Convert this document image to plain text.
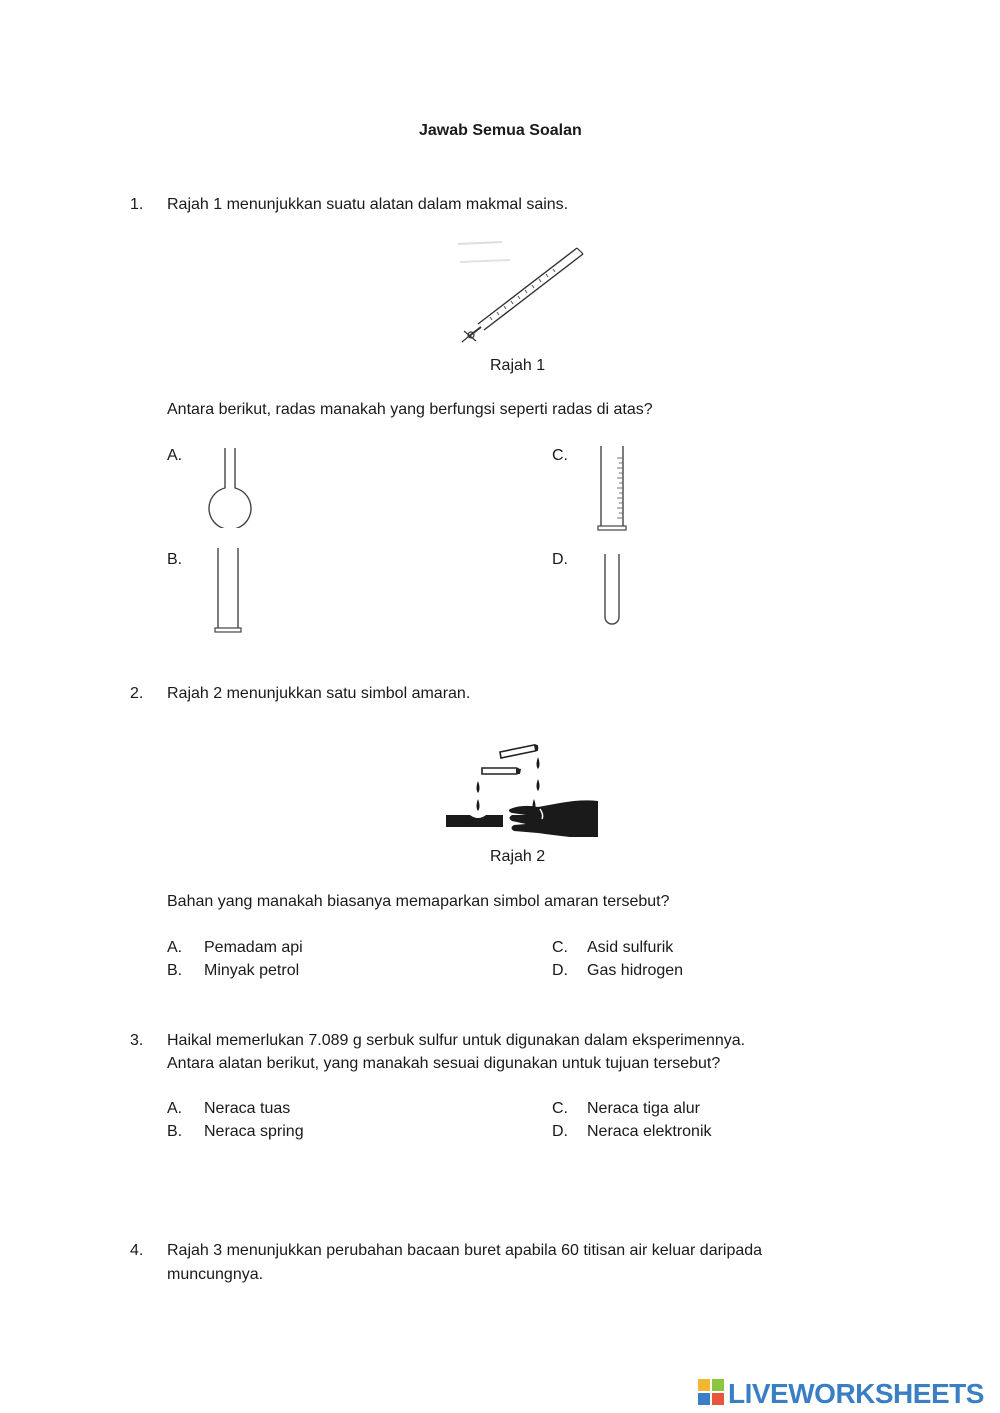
Jawab Semua Soalan
1. Rajah 1 menunjukkan suatu alatan dalam makmal sains.
Rajah 1
Antara berikut, radas manakah yang berfungsi seperti radas di atas?
A.
B.
C.
D.
2. Rajah 2 menunjukkan satu simbol amaran.
Rajah 2
Bahan yang manakah biasanya memaparkan simbol amaran tersebut?
A. Pemadam api
B. Minyak petrol
C. Asid sulfurik
D. Gas hidrogen
3. Haikal memerlukan 7.089 g serbuk sulfur untuk digunakan dalam eksperimennya.
Antara alatan berikut, yang manakah sesuai digunakan untuk tujuan tersebut?
A. Neraca tuas
B. Neraca spring
C. Neraca tiga alur
D. Neraca elektronik
4. Rajah 3 menunjukkan perubahan bacaan buret apabila 60 titisan air keluar daripada
muncungnya.
LIVEWORKSHEETS
